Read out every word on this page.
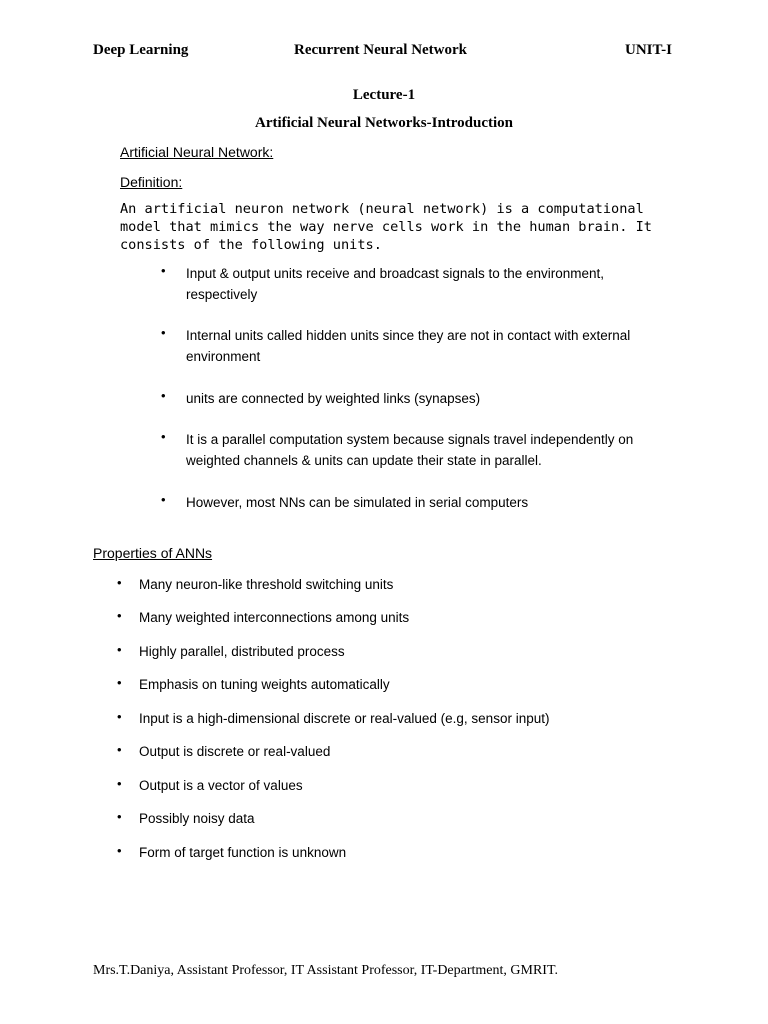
Deep Learning	Recurrent Neural Network	UNIT-I
Lecture-1
Artificial Neural Networks-Introduction
Artificial Neural Network:
Definition:
An artificial neuron network (neural network) is a computational model that mimics the way nerve cells work in the human brain. It consists of the following units.
• Input & output units receive and broadcast signals to the environment, respectively
• Internal units called hidden units since they are not in contact with external environment
• units are connected by weighted links (synapses)
• It is a parallel computation system because signals travel independently on weighted channels & units can update their state in parallel.
• However, most NNs can be simulated in serial computers
Properties of ANNs
• Many neuron-like threshold switching units
• Many weighted interconnections among units
• Highly parallel, distributed process
• Emphasis on tuning weights automatically
• Input is a high-dimensional discrete or real-valued (e.g, sensor input)
• Output is discrete or real-valued
• Output is a vector of values
• Possibly noisy data
• Form of target function is unknown
Mrs.T.Daniya, Assistant Professor, IT Assistant Professor, IT-Department, GMRIT.
